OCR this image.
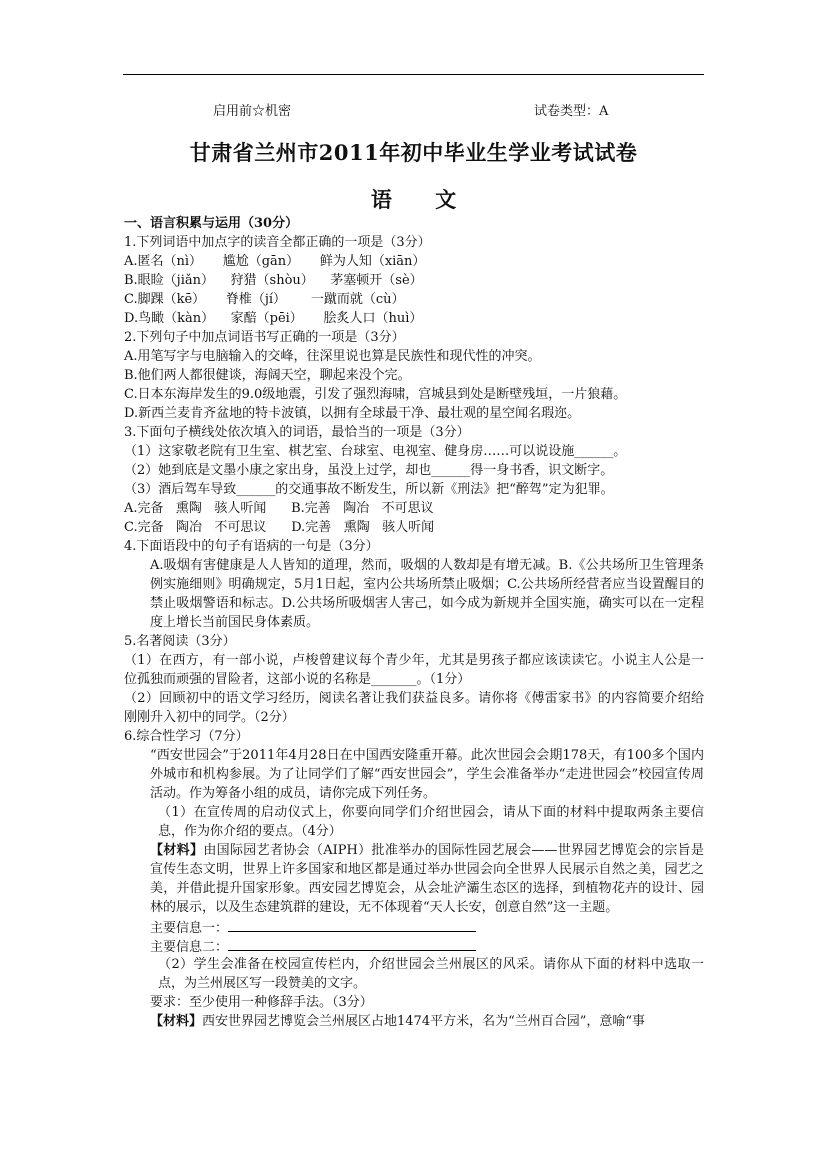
启用前☆机密	试卷类型：A
甘肃省兰州市2011年初中毕业生学业考试试卷
语 文
一、语言积累与运用（30分）
1.下列词语中加点字的读音全都正确的一项是（3分）
A.匿名（nì）     尴尬（gān）     鲜为人知（xiān）
B.眼睑（jiǎn）    狩猎（shòu）    茅塞顿开（sè）
C.脚踝（kē）     脊椎（jí）      一蹴而就（cù）
D.鸟瞰（kàn）    家醅（pēi）     脍炙人口（huì）
2.下列句子中加点词语书写正确的一项是（3分）
A.用笔写字与电脑输入的交峰，往深里说也算是民族性和现代性的冲突。
B.他们两人都很健谈，海阔天空，聊起来没个完。
C.日本东海岸发生的9.0级地震，引发了强烈海啸，宫城县到处是断壁残垣，一片狼藉。
D.新西兰麦肯齐盆地的特卡波镇，以拥有全球最干净、最壮观的星空闻名瑕迩。
3.下面句子横线处依次填入的词语，最恰当的一项是（3分）
（1）这家敬老院有卫生室、棋艺室、台球室、电视室、健身房……可以说设施______。
（2）她到底是文墨小康之家出身，虽没上过学，却也______得一身书香，识文断字。
（3）酒后驾车导致______的交通事故不断发生，所以新《刑法》把“醉驾”定为犯罪。
A.完备   熏陶   骇人听闻      B.完善   陶冶   不可思议
C.完备   陶冶   不可思议      D.完善   熏陶   骇人听闻
4.下面语段中的句子有语病的一句是（3分）
A.吸烟有害健康是人人皆知的道理，然而，吸烟的人数却是有增无减。B.《公共场所卫生管理条例实施细则》明确规定，5月1日起，室内公共场所禁止吸烟；C.公共场所经营者应当设置醒目的禁止吸烟警语和标志。D.公共场所吸烟害人害己，如今成为新规并全国实施，确实可以在一定程度上增长当前国民身体素质。
5.名著阅读（3分）
（1）在西方，有一部小说，卢梭曾建议每个青少年，尤其是男孩子都应该读读它。小说主人公是一位孤独而顽强的冒险者，这部小说的名称是_______。（1分）
（2）回顾初中的语文学习经历，阅读名著让我们获益良多。请你将《傅雷家书》的内容简要介绍给刚刚升入初中的同学。（2分）
6.综合性学习（7分）
“西安世园会”于2011年4月28日在中国西安隆重开幕。此次世园会会期178天，有100多个国内外城市和机构参展。为了让同学们了解“西安世园会”，学生会准备举办“走进世园会”校园宣传周活动。作为筹备小组的成员，请你完成下列任务。
（1）在宣传周的启动仪式上，你要向同学们介绍世园会，请从下面的材料中提取两条主要信息，作为你介绍的要点。（4分）
【材料】由国际园艺者协会（AIPH）批准举办的国际性园艺展会——世界园艺博览会的宗旨是宣传生态文明，世界上许多国家和地区都是通过举办世园会向全世界人民展示自然之美，园艺之美，并借此提升国家形象。西安园艺博览会，从会址浐灞生态区的选择，到植物花卉的设计、园林的展示，以及生态建筑群的建设，无不体现着“天人长安，创意自然”这一主题。
主要信息一：
主要信息二：
（2）学生会准备在校园宣传栏内，介绍世园会兰州展区的风采。请你从下面的材料中选取一点，为兰州展区写一段赞美的文字。
要求：至少使用一种修辞手法。（3分）
【材料】西安世界园艺博览会兰州展区占地1474平方米，名为“兰州百合园”，意喻“事
